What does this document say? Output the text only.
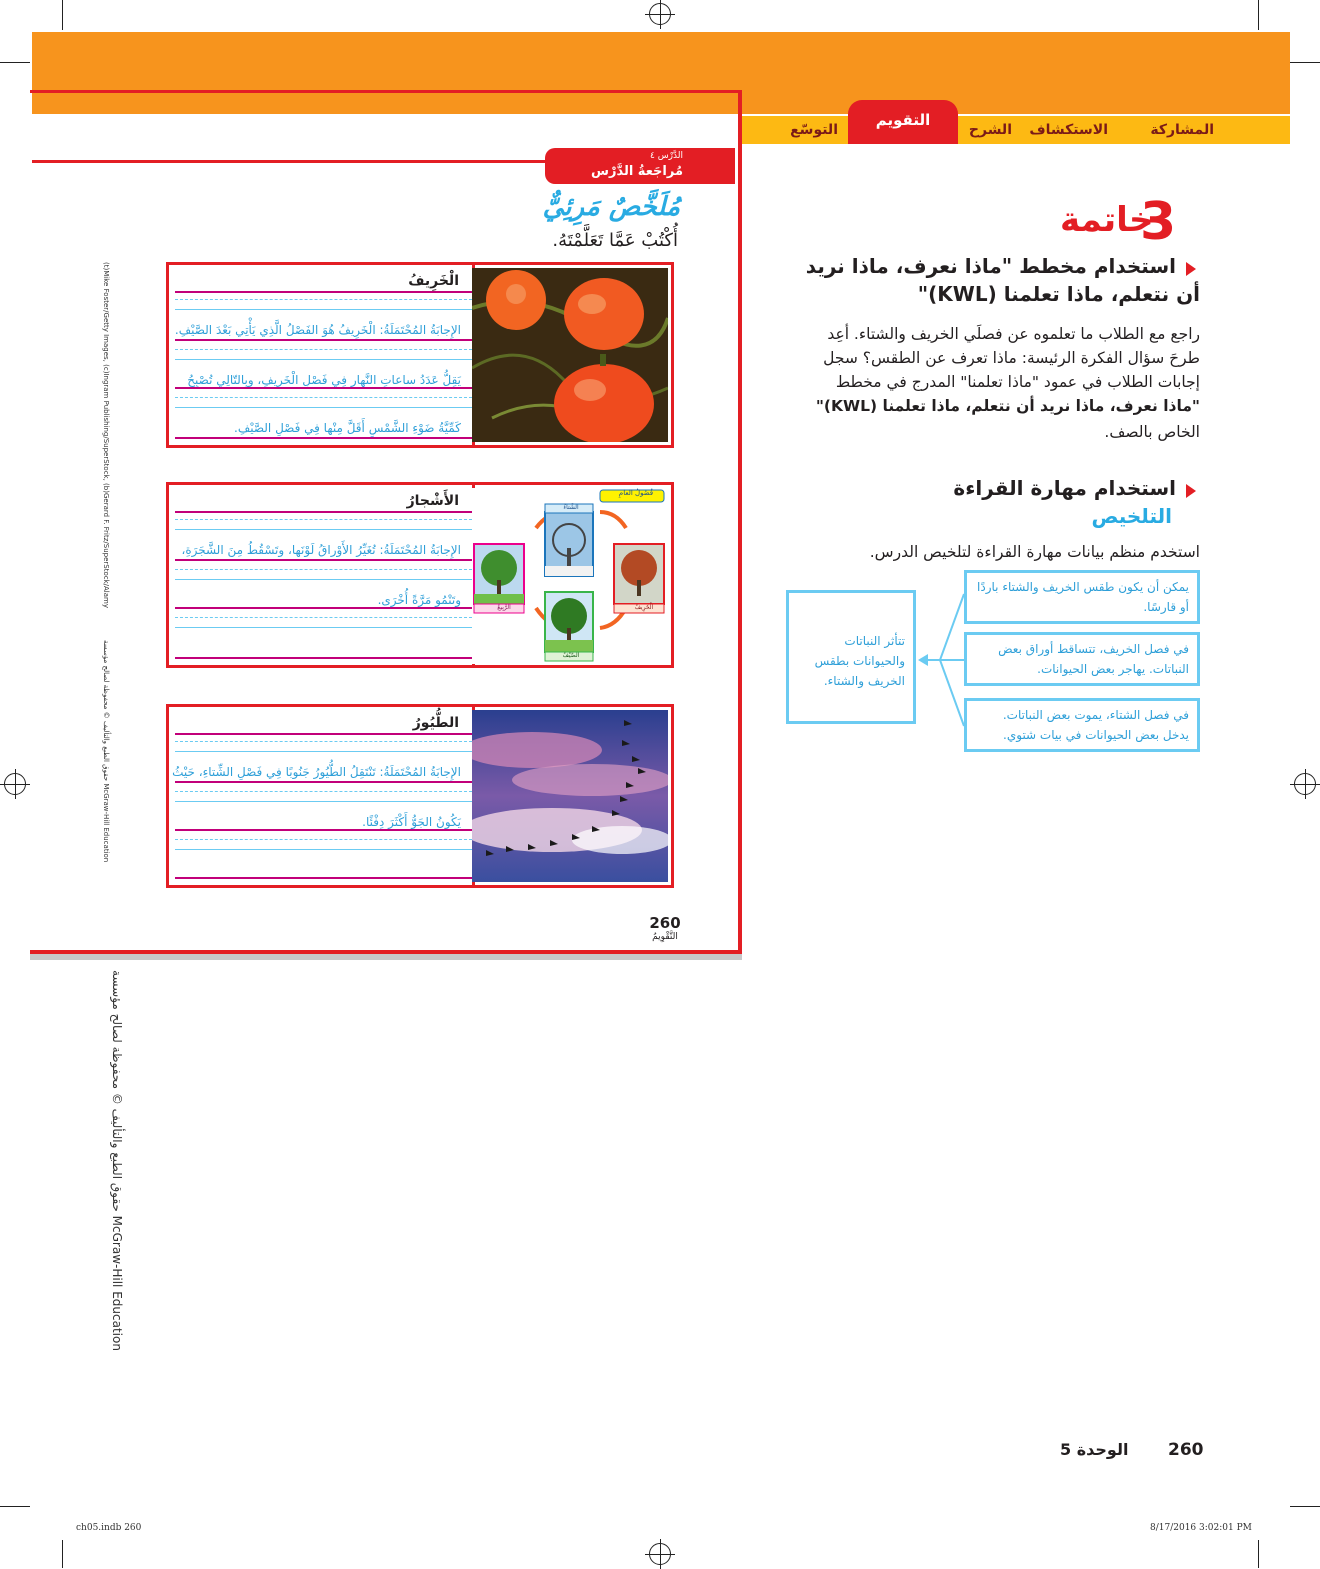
المشاركة
الاستكشاف
الشرح
التقويم
التوسّع
الدَّرْس ٤
مُراجَعةُ الدَّرْس
مُلَخَّصٌ مَرِئِيٌّ
أُكْتُبْ عَمَّا تَعَلَّمْتَهُ.
الْخَرِيفُ
الإِجابَةُ المُحْتَمَلَةُ: الْخَرِيفُ هُوَ الفَصْلُ الَّذِي يَأْتِي بَعْدَ الصَّيْفِ.
يَقِلُّ عَدَدُ ساعاتِ النَّهارِ فِي فَصْلِ الْخَرِيفِ، وبِالتّالِي تُصْبِحُ
كَمِّيَّةُ ضَوْءِ الشَّمْسِ أَقَلَّ مِنْها فِي فَصْلِ الصَّيْفِ.
الأَشْجارُ
الإِجابَةُ المُحْتَمَلَةُ: تُغَيِّرُ الأَوْراقُ لَوْنَها، وتَسْقُطُ مِنَ الشَّجَرَةِ،
وتَنْمُو مَرَّةً أُخْرَى.
فُصُولُ العامِ
الشِّتاءُ
الْخَرِيفُ
الرَّبِيعُ
الصَّيْفُ
الطُّيُورُ
الإِجابَةُ المُحْتَمَلَةُ: تَنْتَقِلُ الطُّيُورُ جَنُوبًا فِي فَصْلِ الشِّتاءِ، حَيْثُ
يَكُونُ الجَوُّ أَكْثَرَ دِفْئًا.
260
التَّقْوِيمُ
(t)Mike Foster/Getty Images, (c)Ingram Publishing/SuperStock, (b)Gerard F. Fritz/SuperStock/Alamy
حقوق الطبع والتأليف © محفوظة لصالح مؤسسة McGraw-Hill Education
حقوق الطبع والتأليف © محفوظة لصالح مؤسسة McGraw-Hill Education
3
خاتمة
استخدام مخطط "ماذا نعرف، ماذا نريد
أن نتعلم، ماذا تعلمنا (KWL)"
راجع مع الطلاب ما تعلموه عن فصلَي الخريف والشتاء. أعِد
طرحَ سؤال الفكرة الرئيسة: ماذا تعرف عن الطقس؟ سجل
إجابات الطلاب في عمود "ماذا تعلمنا" المدرج في مخطط
"ماذا نعرف، ماذا نريد أن نتعلم، ماذا تعلمنا (KWL)"
الخاص بالصف.
استخدام مهارة القراءة
التلخيص
استخدم منظم بيانات مهارة القراءة لتلخيص الدرس.
تتأثر النباتات والحيوانات بطقس الخريف والشتاء.
يمكن أن يكون طقس الخريف والشتاء باردًا أو قارسًا.
في فصل الخريف، تتساقط أوراق بعض النباتات. يهاجر بعض الحيوانات.
في فصل الشتاء، يموت بعض النباتات. يدخل بعض الحيوانات في بيات شتوي.
الوحدة 5 260
ch05.indb 260	8/17/2016 3:02:01 PM
